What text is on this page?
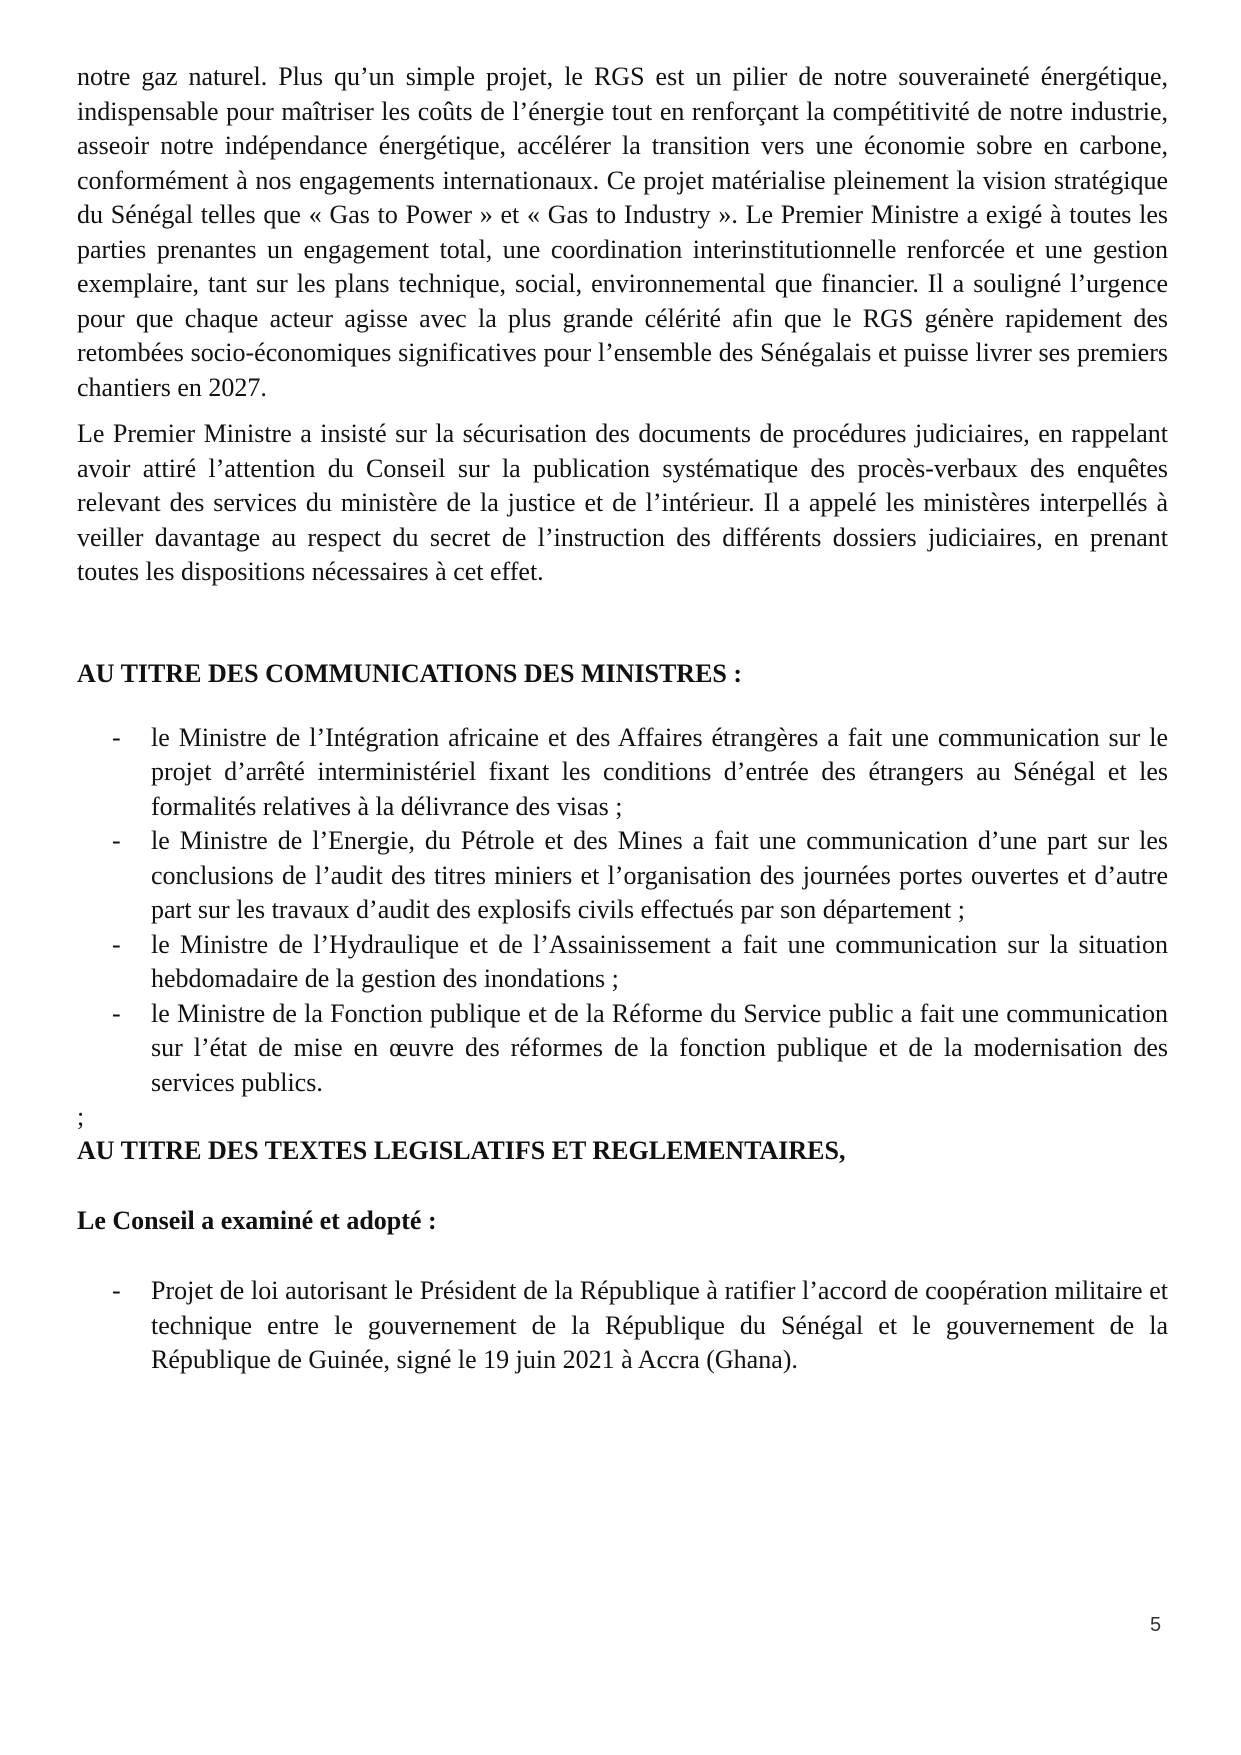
notre gaz naturel. Plus qu’un simple projet, le RGS est un pilier de notre souveraineté énergétique, indispensable pour maîtriser les coûts de l’énergie tout en renforçant la compétitivité de notre industrie, asseoir notre indépendance énergétique, accélérer la transition vers une économie sobre en carbone, conformément à nos engagements internationaux. Ce projet matérialise pleinement la vision stratégique du Sénégal telles que « Gas to Power » et « Gas to Industry ». Le Premier Ministre a exigé à toutes les parties prenantes un engagement total, une coordination interinstitutionnelle renforcée et une gestion exemplaire, tant sur les plans technique, social, environnemental que financier. Il a souligné l’urgence pour que chaque acteur agisse avec la plus grande célérité afin que le RGS génère rapidement des retombées socio-économiques significatives pour l’ensemble des Sénégalais et puisse livrer ses premiers chantiers en 2027.

Le Premier Ministre a insisté sur la sécurisation des documents de procédures judiciaires, en rappelant avoir attiré l’attention du Conseil sur la publication systématique des procès-verbaux des enquêtes relevant des services du ministère de la justice et de l’intérieur. Il a appelé les ministères interpellés à veiller davantage au respect du secret de l’instruction des différents dossiers judiciaires, en prenant toutes les dispositions nécessaires à cet effet.

AU TITRE DES COMMUNICATIONS DES MINISTRES :

- le Ministre de l’Intégration africaine et des Affaires étrangères a fait une communication sur le projet d’arrêté interministériel fixant les conditions d’entrée des étrangers au Sénégal et les formalités relatives à la délivrance des visas ;
- le Ministre de l’Energie, du Pétrole et des Mines a fait une communication d’une part sur les conclusions de l’audit des titres miniers et l’organisation des journées portes ouvertes et d’autre part sur les travaux d’audit des explosifs civils effectués par son département ;
- le Ministre de l’Hydraulique et de l’Assainissement a fait une communication sur la situation hebdomadaire de la gestion des inondations ;
- le Ministre de la Fonction publique et de la Réforme du Service public a fait une communication sur l’état de mise en œuvre des réformes de la fonction publique et de la modernisation des services publics.

;

AU TITRE DES TEXTES LEGISLATIFS ET REGLEMENTAIRES,

Le Conseil a examiné et adopté :

- Projet de loi autorisant le Président de la République à ratifier l’accord de coopération militaire et technique entre le gouvernement de la République du Sénégal et le gouvernement de la République de Guinée, signé le 19 juin 2021 à Accra (Ghana).
5
